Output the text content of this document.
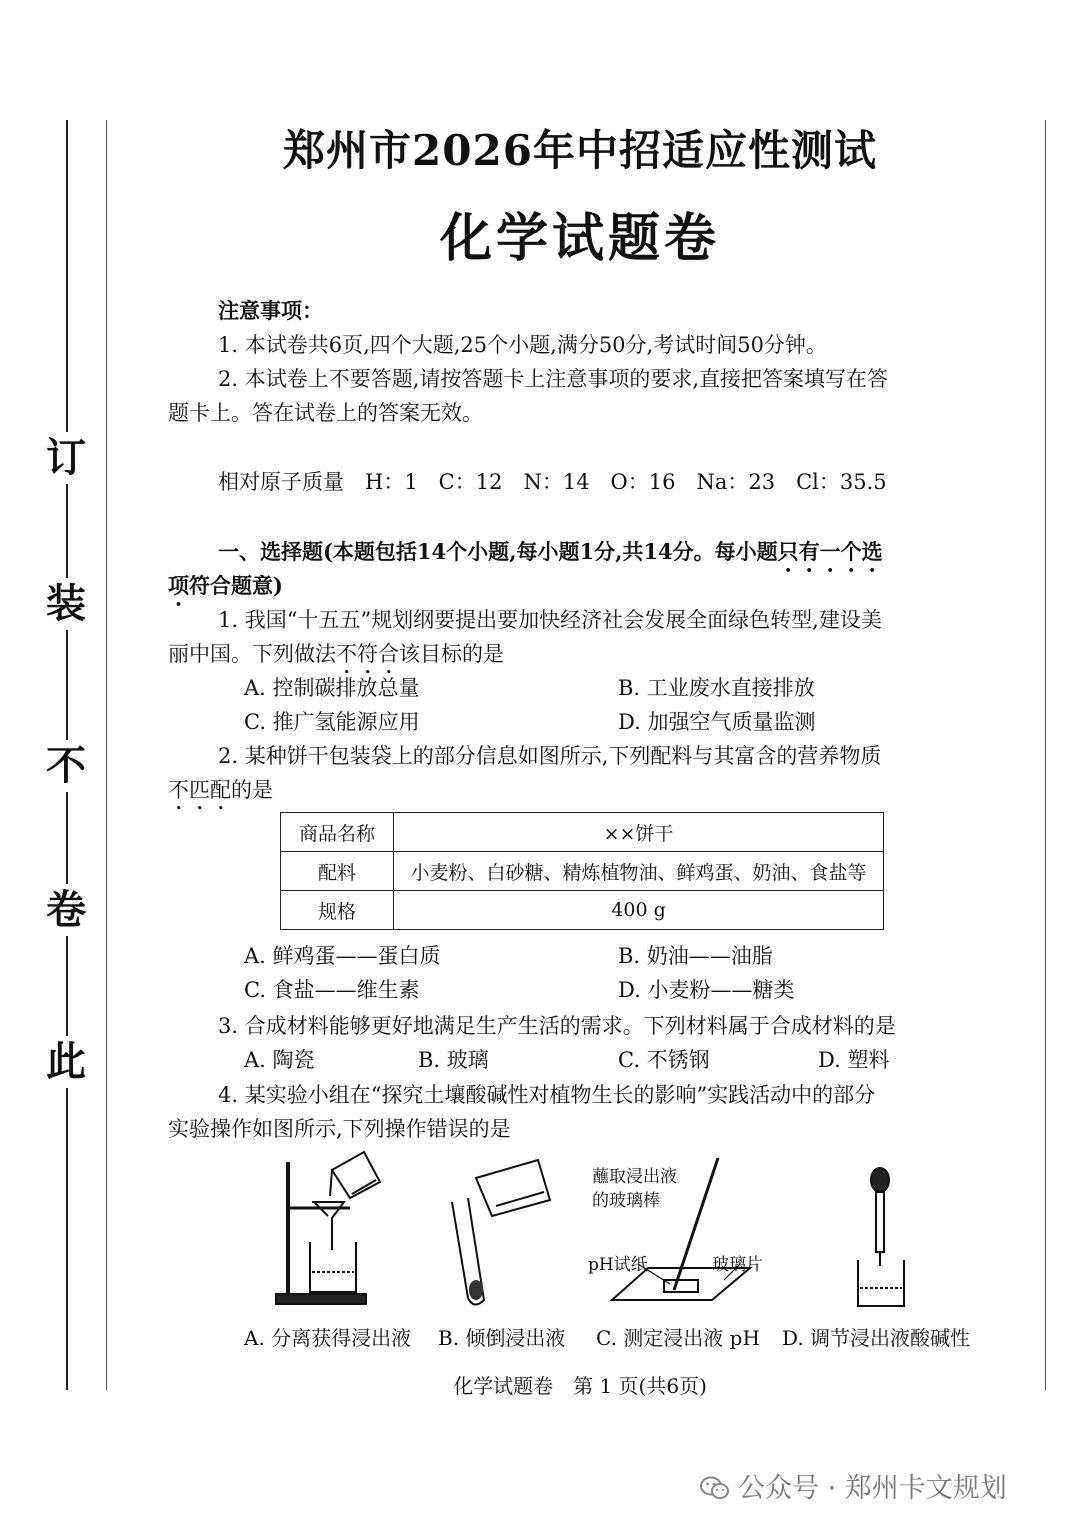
订
装
不
卷
此
郑州市2026年中招适应性测试
化学试题卷
注意事项：
1. 本试卷共6页,四个大题,25个小题,满分50分,考试时间50分钟。
2. 本试卷上不要答题,请按答题卡上注意事项的要求,直接把答案填写在答
题卡上。答在试卷上的答案无效。
相对原子质量　H：1　C：12　N：14　O：16　Na：23　Cl：35.5
一、选择题(本题包括14个小题,每小题1分,共14分。每小题只有一个选
项符合题意)
1. 我国“十五五”规划纲要提出要加快经济社会发展全面绿色转型,建设美
丽中国。下列做法不符合该目标的是
A. 控制碳排放总量	B. 工业废水直接排放
C. 推广氢能源应用	D. 加强空气质量监测
2. 某种饼干包装袋上的部分信息如图所示,下列配料与其富含的营养物质
不匹配的是
商品名称	××饼干
配料	小麦粉、白砂糖、精炼植物油、鲜鸡蛋、奶油、食盐等
规格	400 g
A. 鲜鸡蛋——蛋白质	B. 奶油——油脂
C. 食盐——维生素	D. 小麦粉——糖类
3. 合成材料能够更好地满足生产生活的需求。下列材料属于合成材料的是
A. 陶瓷	B. 玻璃	C. 不锈钢	D. 塑料
4. 某实验小组在“探究土壤酸碱性对植物生长的影响”实践活动中的部分
实验操作如图所示,下列操作错误的是
蘸取浸出液
的玻璃棒
pH试纸	玻璃片
A. 分离获得浸出液 B. 倾倒浸出液 C. 测定浸出液 pH D. 调节浸出液酸碱性
化学试题卷　第 1 页(共6页)
公众号 · 郑州卡文规划
